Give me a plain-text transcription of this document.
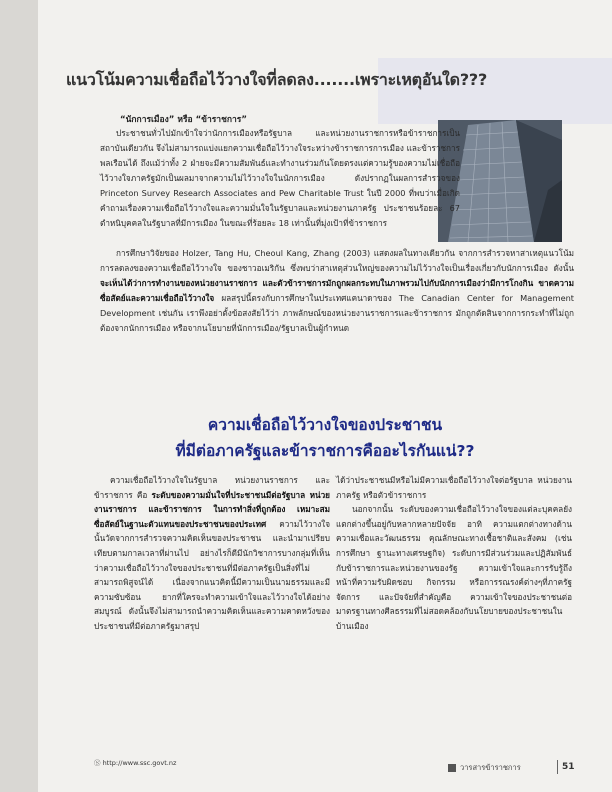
แนวโน้มความเชื่อถือไว้วางใจที่ลดลง.......เพราะเหตุอันใด???
“นักการเมือง” หรือ “ข้าราชการ”

ประชาชนทั่วไปมักเข้าใจว่านักการเมืองหรือรัฐบาล และหน่วยงานราชการหรือข้าราชการเป็นสถาบันเดียวกัน จึงไม่สามารถแบ่งแยกความเชื่อถือไว้วางใจระหว่างข้าราชการการเมือง และข้าราชการพลเรือนได้ ถึงแม้ว่าทั้ง 2 ฝ่ายจะมีความสัมพันธ์และทำงานร่วมกันโดยตรงแต่ความรู้ของความไม่เชื่อถือไว้วางใจภาครัฐมักเป็นผลมาจากความไม่ไว้วางใจในนักการเมือง ดังปรากฏในผลการสำรวจของ Princeton Survey Research Associates and Pew Charitable Trust ในปี 2000 ที่พบว่าเมื่อเกิดคำถามเรื่องความเชื่อถือไว้วางใจและความมั่นใจในรัฐบาลและหน่วยงานภาครัฐ ประชาชนร้อยละ 67 ตำหนิบุคคลในรัฐบาลที่มีการเมือง ในขณะที่ร้อยละ 18 เท่านั้นที่มุ่งเป้าที่ข้าราชการ

การศึกษาวิจัยของ Holzer, Tang Hu, Cheoul Kang, Zhang (2003) แสดงผลในทางเดียวกัน จากการสำรวจหาสาเหตุแนวโน้มการลดลงของความเชื่อถือไว้วางใจ ของชาวอเมริกัน ซึ่งพบว่าสาเหตุส่วนใหญ่ของความไม่ไว้วางใจเป็นเรื่องเกี่ยวกับนักการเมือง ดังนั้น จะเห็นได้ว่าการทำงานของหน่วยงานราชการ และตัวข้าราชการมักถูกผลกระทบในภาพรวมไปกับนักการเมืองว่ามีการโกงกิน ขาดความซื่อสัตย์และความเชื่อถือไว้วางใจ ผลสรุปนี้ตรงกับการศึกษาในประเทศแคนาดาของ The Canadian Center for Management Development เช่นกัน เราพึงอย่าตั้งข้อสงสัยไว้ว่า ภาพลักษณ์ของหน่วยงานราชการและข้าราชการ มักถูกตัดสินจากการกระทำที่ไม่ถูกต้องจากนักการเมือง หรือจากนโยบายที่นักการเมือง/รัฐบาลเป็นผู้กำหนด

ความเชื่อถือไว้วางใจของประชาชน
ที่มีต่อภาครัฐและข้าราชการคืออะไรกันแน่??

ความเชื่อถือไว้วางใจในรัฐบาล หน่วยงานราชการ และข้าราชการ คือ ระดับของความมั่นใจที่ประชาชนมีต่อรัฐบาล หน่วยงานราชการ และข้าราชการ ในการทำสิ่งที่ถูกต้อง เหมาะสม ซื่อสัตย์ในฐานะตัวแทนของประชาชนของประเทศ ความไว้วางใจนั้นวัดจากการสำรวจความคิดเห็นของประชาชน และนำมาเปรียบเทียบตามกาลเวลาที่ผ่านไป อย่างไรก็ดีมีนักวิชาการบางกลุ่มที่เห็นว่าความเชื่อถือไว้วางใจของประชาชนที่มีต่อภาครัฐเป็นสิ่งที่ไม่สามารถพิสูจน์ได้ เนื่องจากแนวคิดนี้มีความเป็นนามธรรมและมีความซับซ้อน ยากที่ใครจะทำความเข้าใจและไว้วางใจได้อย่างสมบูรณ์ ดังนั้นจึงไม่สามารถนำความคิดเห็นและความคาดหวังของประชาชนที่มีต่อภาครัฐมาสรุป

ได้ว่าประชาชนมีหรือไม่มีความเชื่อถือไว้วางใจต่อรัฐบาล หน่วยงานภาครัฐ หรือตัวข้าราชการ

นอกจากนั้น ระดับของความเชื่อถือไว้วางใจของแต่ละบุคคลยังแตกต่างขึ้นอยู่กับหลากหลายปัจจัย อาทิ ความแตกต่างทางด้านความเชื่อและวัฒนธรรม คุณลักษณะทางเชื้อชาติและสังคม (เช่น การศึกษา ฐานะทางเศรษฐกิจ) ระดับการมีส่วนร่วมและปฏิสัมพันธ์กับข้าราชการและหน่วยงานของรัฐ ความเข้าใจและการรับรู้ถึงหน้าที่ความรับผิดชอบ กิจกรรม หรือการรณรงค์ต่างๆที่ภาครัฐจัดการ และปัจจัยที่สำคัญคือ ความเข้าใจของประชาชนต่อมาตรฐานทางศีลธรรมที่ไม่สอดคล้องกับนโยบายของประชาชนในบ้านเมือง

Ⓢ http://www.ssc.govt.nz	วารสารข้าราชการ	51
